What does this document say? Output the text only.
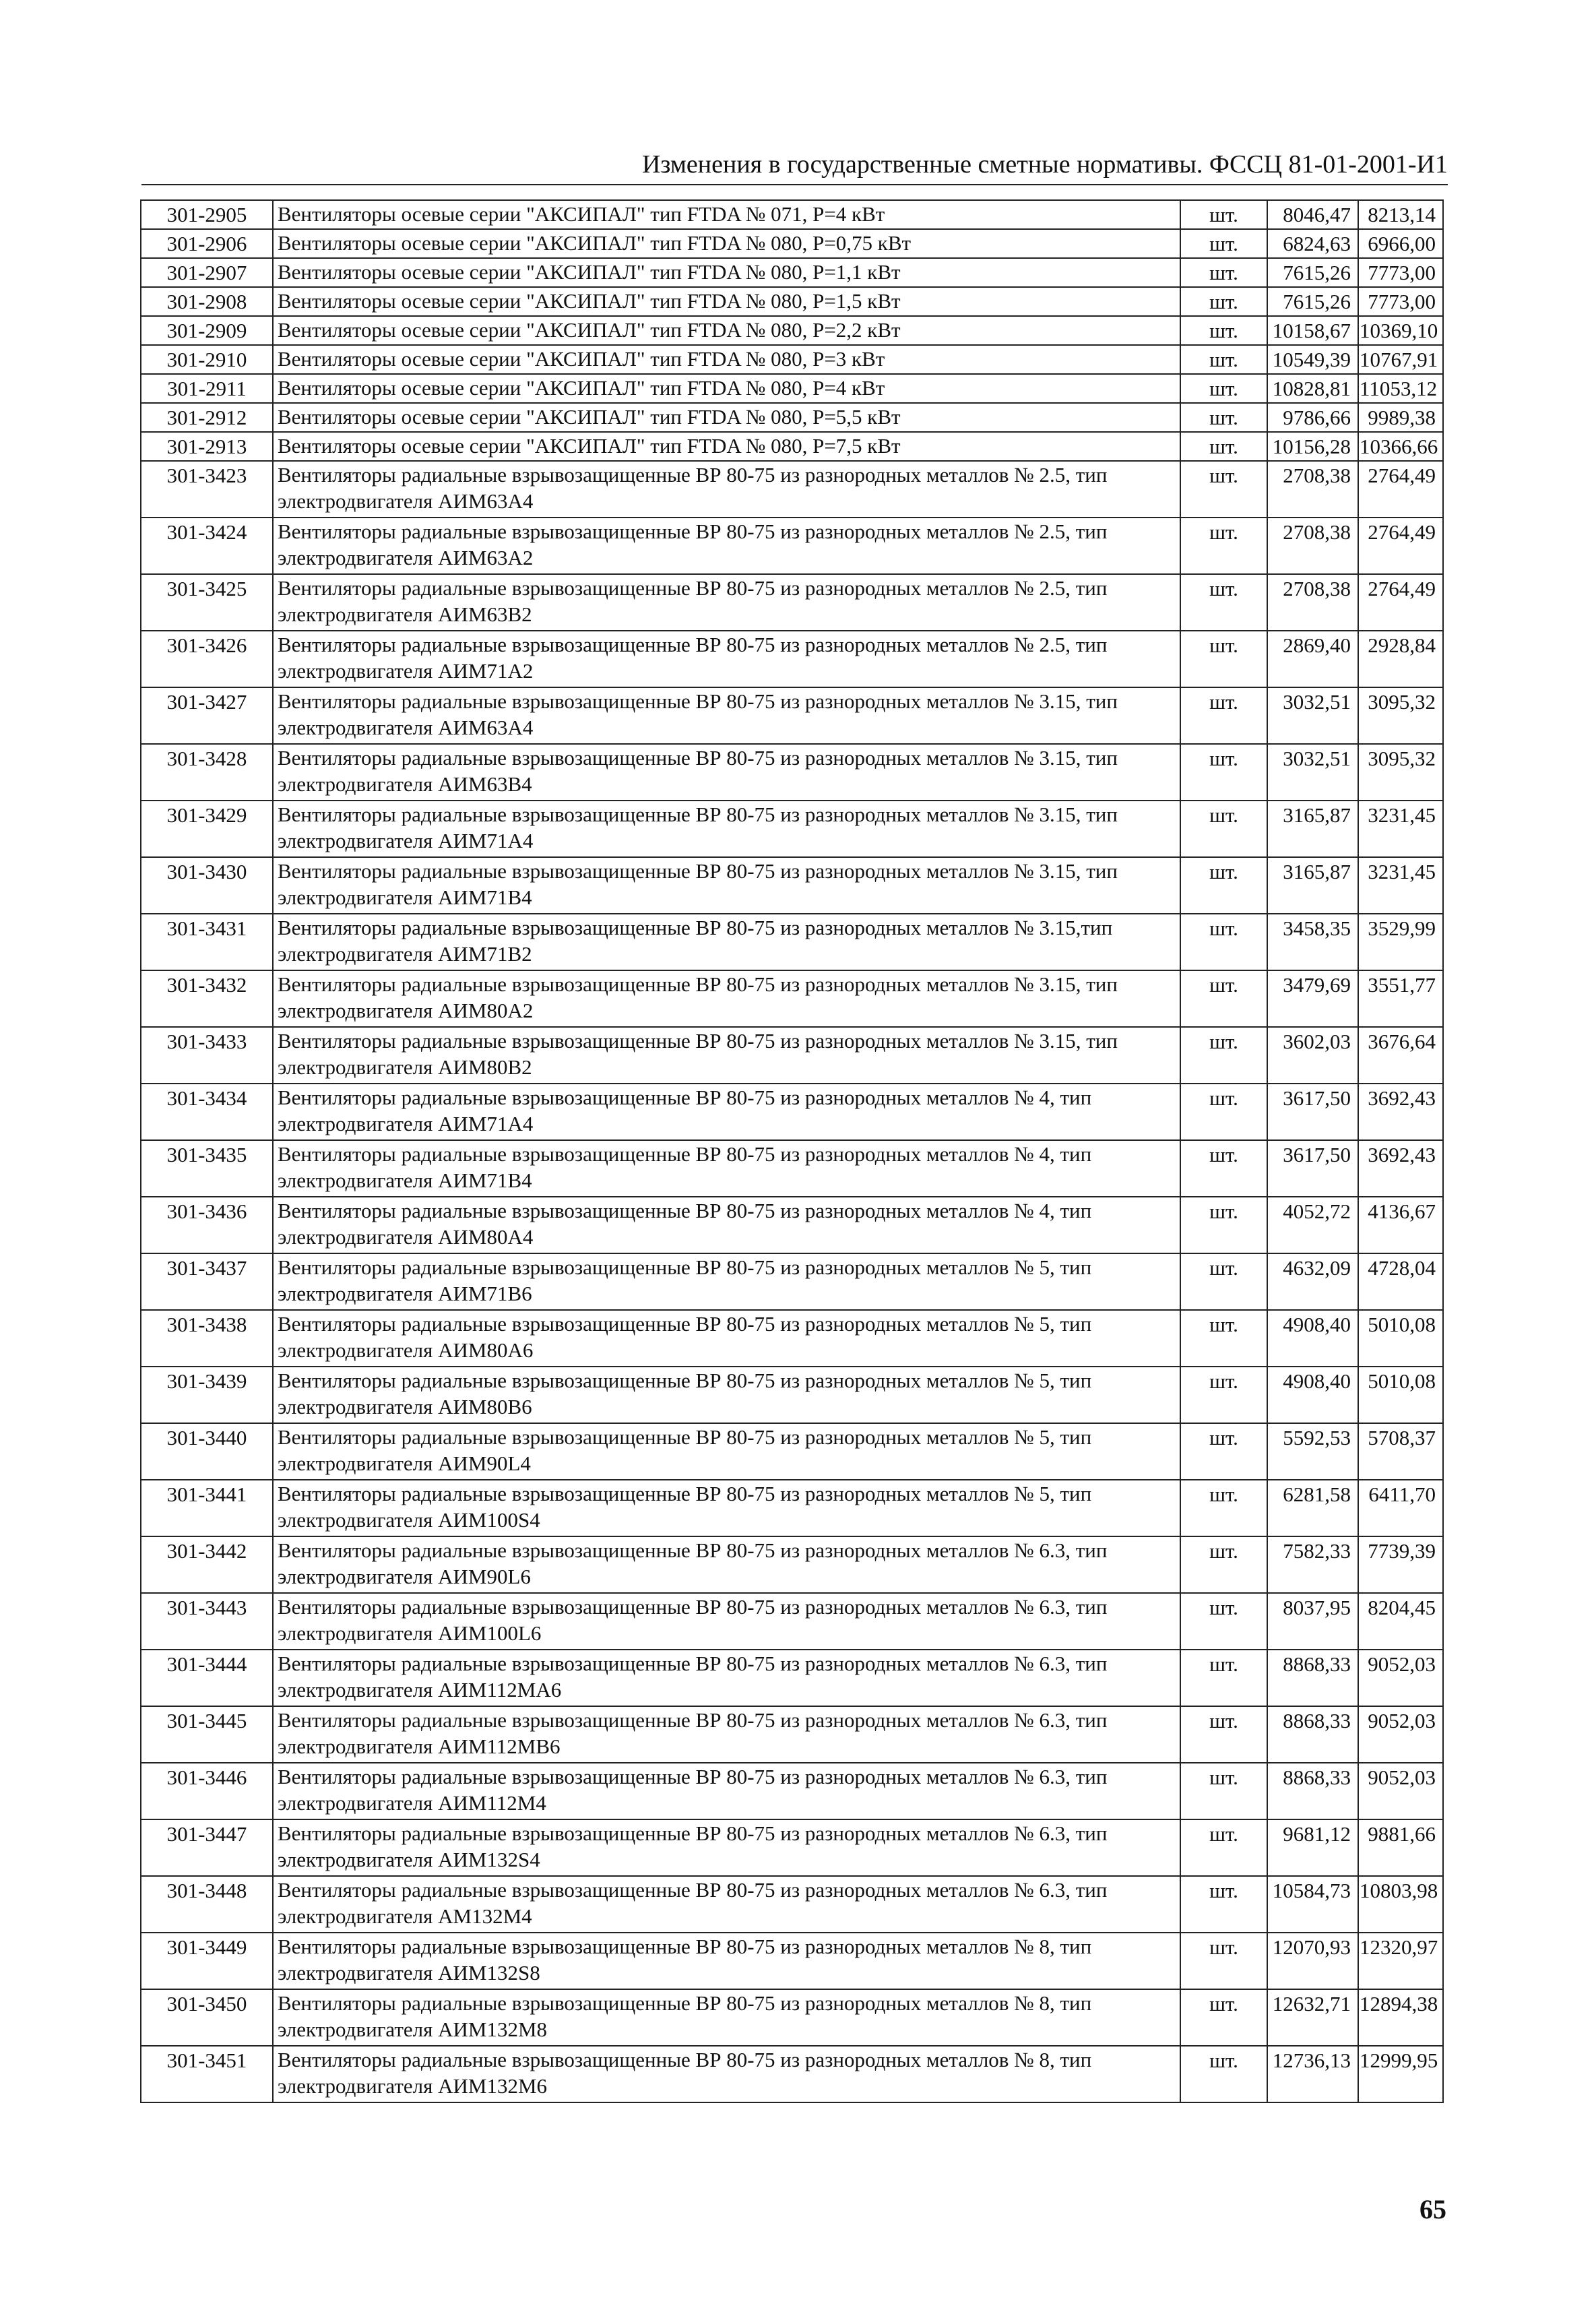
Изменения в государственные сметные нормативы. ФССЦ 81-01-2001-И1
301-2905	Вентиляторы осевые серии "АКСИПАЛ" тип FTDA № 071, P=4 кВт	шт.	8046,47	8213,14
301-2906	Вентиляторы осевые серии "АКСИПАЛ" тип FTDA № 080, P=0,75 кВт	шт.	6824,63	6966,00
301-2907	Вентиляторы осевые серии "АКСИПАЛ" тип FTDA № 080, P=1,1 кВт	шт.	7615,26	7773,00
301-2908	Вентиляторы осевые серии "АКСИПАЛ" тип FTDA № 080, P=1,5 кВт	шт.	7615,26	7773,00
301-2909	Вентиляторы осевые серии "АКСИПАЛ" тип FTDA № 080, P=2,2 кВт	шт.	10158,67	10369,10
301-2910	Вентиляторы осевые серии "АКСИПАЛ" тип FTDA № 080, P=3 кВт	шт.	10549,39	10767,91
301-2911	Вентиляторы осевые серии "АКСИПАЛ" тип FTDA № 080, P=4 кВт	шт.	10828,81	11053,12
301-2912	Вентиляторы осевые серии "АКСИПАЛ" тип FTDA № 080, P=5,5 кВт	шт.	9786,66	9989,38
301-2913	Вентиляторы осевые серии "АКСИПАЛ" тип FTDA № 080, P=7,5 кВт	шт.	10156,28	10366,66
301-3423	Вентиляторы радиальные взрывозащищенные ВР 80-75 из разнородных металлов № 2.5, тип электродвигателя АИМ63А4	шт.	2708,38	2764,49
301-3424	Вентиляторы радиальные взрывозащищенные ВР 80-75 из разнородных металлов № 2.5, тип электродвигателя АИМ63А2	шт.	2708,38	2764,49
301-3425	Вентиляторы радиальные взрывозащищенные ВР 80-75 из разнородных металлов № 2.5, тип электродвигателя АИМ63В2	шт.	2708,38	2764,49
301-3426	Вентиляторы радиальные взрывозащищенные ВР 80-75 из разнородных металлов № 2.5, тип электродвигателя АИМ71А2	шт.	2869,40	2928,84
301-3427	Вентиляторы радиальные взрывозащищенные ВР 80-75 из разнородных металлов № 3.15, тип электродвигателя АИМ63А4	шт.	3032,51	3095,32
301-3428	Вентиляторы радиальные взрывозащищенные ВР 80-75 из разнородных металлов № 3.15, тип электродвигателя АИМ63В4	шт.	3032,51	3095,32
301-3429	Вентиляторы радиальные взрывозащищенные ВР 80-75 из разнородных металлов № 3.15, тип электродвигателя АИМ71А4	шт.	3165,87	3231,45
301-3430	Вентиляторы радиальные взрывозащищенные ВР 80-75 из разнородных металлов № 3.15, тип электродвигателя АИМ71В4	шт.	3165,87	3231,45
301-3431	Вентиляторы радиальные взрывозащищенные ВР 80-75 из разнородных металлов № 3.15,тип электродвигателя АИМ71В2	шт.	3458,35	3529,99
301-3432	Вентиляторы радиальные взрывозащищенные ВР 80-75 из разнородных металлов № 3.15, тип электродвигателя АИМ80А2	шт.	3479,69	3551,77
301-3433	Вентиляторы радиальные взрывозащищенные ВР 80-75 из разнородных металлов № 3.15, тип электродвигателя АИМ80В2	шт.	3602,03	3676,64
301-3434	Вентиляторы радиальные взрывозащищенные ВР 80-75 из разнородных металлов № 4, тип электродвигателя АИМ71А4	шт.	3617,50	3692,43
301-3435	Вентиляторы радиальные взрывозащищенные ВР 80-75 из разнородных металлов № 4, тип электродвигателя АИМ71В4	шт.	3617,50	3692,43
301-3436	Вентиляторы радиальные взрывозащищенные ВР 80-75 из разнородных металлов № 4, тип электродвигателя АИМ80А4	шт.	4052,72	4136,67
301-3437	Вентиляторы радиальные взрывозащищенные ВР 80-75 из разнородных металлов № 5, тип электродвигателя АИМ71В6	шт.	4632,09	4728,04
301-3438	Вентиляторы радиальные взрывозащищенные ВР 80-75 из разнородных металлов № 5, тип электродвигателя АИМ80А6	шт.	4908,40	5010,08
301-3439	Вентиляторы радиальные взрывозащищенные ВР 80-75 из разнородных металлов № 5, тип электродвигателя АИМ80В6	шт.	4908,40	5010,08
301-3440	Вентиляторы радиальные взрывозащищенные ВР 80-75 из разнородных металлов № 5, тип электродвигателя АИМ90L4	шт.	5592,53	5708,37
301-3441	Вентиляторы радиальные взрывозащищенные ВР 80-75 из разнородных металлов № 5, тип электродвигателя АИМ100S4	шт.	6281,58	6411,70
301-3442	Вентиляторы радиальные взрывозащищенные ВР 80-75 из разнородных металлов № 6.3, тип электродвигателя АИМ90L6	шт.	7582,33	7739,39
301-3443	Вентиляторы радиальные взрывозащищенные ВР 80-75 из разнородных металлов № 6.3, тип электродвигателя АИМ100L6	шт.	8037,95	8204,45
301-3444	Вентиляторы радиальные взрывозащищенные ВР 80-75 из разнородных металлов № 6.3, тип электродвигателя АИМ112МА6	шт.	8868,33	9052,03
301-3445	Вентиляторы радиальные взрывозащищенные ВР 80-75 из разнородных металлов № 6.3, тип электродвигателя АИМ112МВ6	шт.	8868,33	9052,03
301-3446	Вентиляторы радиальные взрывозащищенные ВР 80-75 из разнородных металлов № 6.3, тип электродвигателя АИМ112М4	шт.	8868,33	9052,03
301-3447	Вентиляторы радиальные взрывозащищенные ВР 80-75 из разнородных металлов № 6.3, тип электродвигателя АИМ132S4	шт.	9681,12	9881,66
301-3448	Вентиляторы радиальные взрывозащищенные ВР 80-75 из разнородных металлов № 6.3, тип электродвигателя АМ132М4	шт.	10584,73	10803,98
301-3449	Вентиляторы радиальные взрывозащищенные ВР 80-75 из разнородных металлов № 8, тип электродвигателя АИМ132S8	шт.	12070,93	12320,97
301-3450	Вентиляторы радиальные взрывозащищенные ВР 80-75 из разнородных металлов № 8, тип электродвигателя АИМ132М8	шт.	12632,71	12894,38
301-3451	Вентиляторы радиальные взрывозащищенные ВР 80-75 из разнородных металлов № 8, тип электродвигателя АИМ132М6	шт.	12736,13	12999,95
65
